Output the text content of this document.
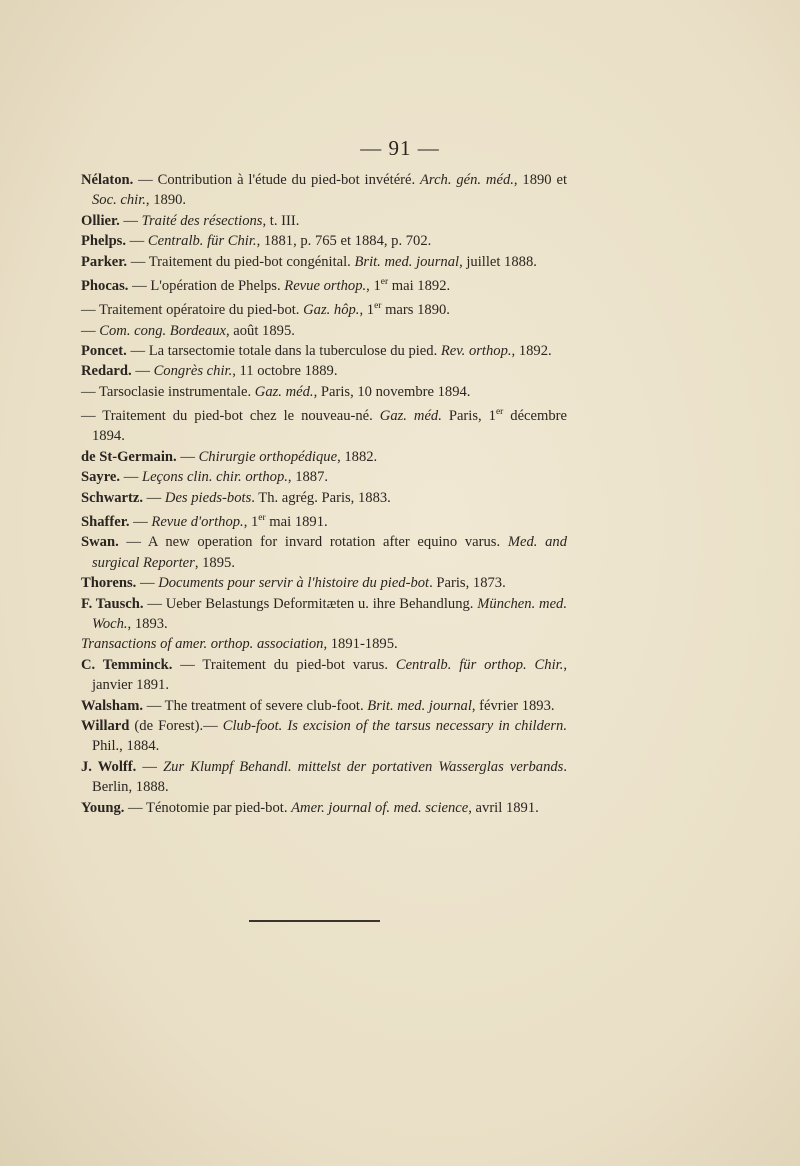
— 91 —

Nélaton. — Contribution à l'étude du pied-bot invétéré. Arch. gén. méd., 1890 et Soc. chir., 1890.

Ollier. — Traité des résections, t. III.

Phelps. — Centralb. für Chir., 1881, p. 765 et 1884, p. 702.

Parker. — Traitement du pied-bot congénital. Brit. med. journal, juillet 1888.

Phocas. — L'opération de Phelps. Revue orthop., 1er mai 1892.

— Traitement opératoire du pied-bot. Gaz. hôp., 1er mars 1890.

— Com. cong. Bordeaux, août 1895.

Poncet. — La tarsectomie totale dans la tuberculose du pied. Rev. orthop., 1892.

Redard. — Congrès chir., 11 octobre 1889.

— Tarsoclasie instrumentale. Gaz. méd., Paris, 10 novembre 1894.

— Traitement du pied-bot chez le nouveau-né. Gaz. méd. Paris, 1er décembre 1894.

de St-Germain. — Chirurgie orthopédique, 1882.

Sayre. — Leçons clin. chir. orthop., 1887.

Schwartz. — Des pieds-bots. Th. agrég. Paris, 1883.

Shaffer. — Revue d'orthop., 1er mai 1891.

Swan. — A new operation for invard rotation after equino varus. Med. and surgical Reporter, 1895.

Thorens. — Documents pour servir à l'histoire du pied-bot. Paris, 1873.

F. Tausch. — Ueber Belastungs Deformitæten u. ihre Behandlung. München. med. Woch., 1893.

Transactions of amer. orthop. association, 1891-1895.

C. Temminck. — Traitement du pied-bot varus. Centralb. für orthop. Chir., janvier 1891.

Walsham. — The treatment of severe club-foot. Brit. med. journal, février 1893.

Willard (de Forest).— Club-foot. Is excision of the tarsus necessary in childern. Phil., 1884.

J. Wolff. — Zur Klumpf Behandl. mittelst der portativen Wasserglas verbands. Berlin, 1888.

Young. — Ténotomie par pied-bot. Amer. journal of. med. science, avril 1891.
